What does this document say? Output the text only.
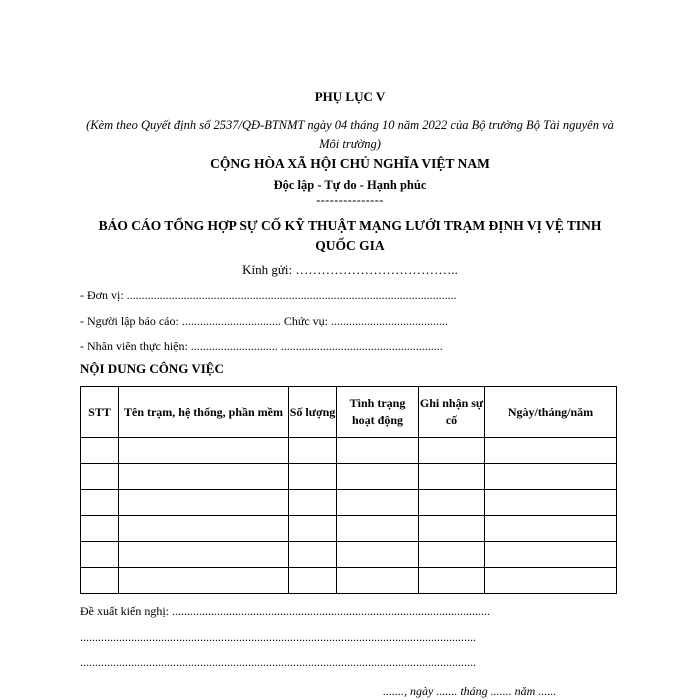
PHỤ LỤC V
(Kèm theo Quyết định số 2537/QĐ-BTNMT ngày 04 tháng 10 năm 2022 của Bộ trưởng Bộ Tài nguyên và Môi trường)
CỘNG HÒA XÃ HỘI CHỦ NGHĨA VIỆT NAM
Độc lập - Tự do - Hạnh phúc
---------------
BÁO CÁO TỔNG HỢP SỰ CỐ KỸ THUẬT MẠNG LƯỚI TRẠM ĐỊNH VỊ VỆ TINH QUỐC GIA
Kính gửi: ………………………………..
- Đơn vị: ..............................................................................................................
- Người lập báo cáo: ................................. Chức vụ: .......................................
- Nhân viên thực hiện: ............................. ......................................................
NỘI DUNG CÔNG VIỆC
STT	Tên trạm, hệ thống, phần mềm	Số lượng	Tình trạng hoạt động	Ghi nhận sự cố	Ngày/tháng/năm

Đề xuất kiến nghị: ..........................................................................................................
....................................................................................................................................
....................................................................................................................................
......., ngày ....... tháng ....... năm ......
